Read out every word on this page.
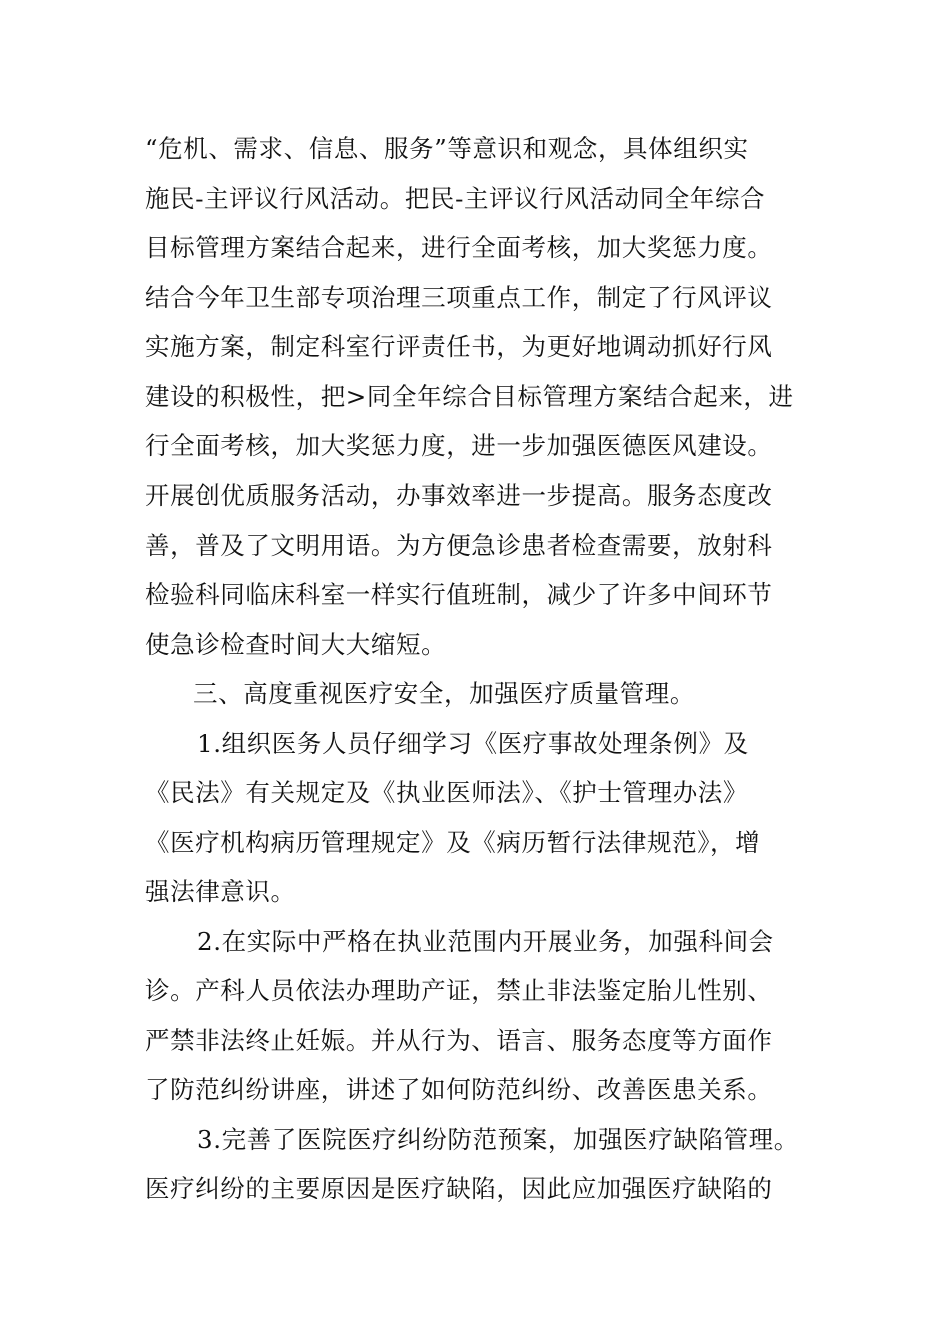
“危机、需求、信息、服务”等意识和观念，具体组织实
施民-主评议行风活动。把民-主评议行风活动同全年综合
目标管理方案结合起来，进行全面考核，加大奖惩力度。
结合今年卫生部专项治理三项重点工作，制定了行风评议
实施方案，制定科室行评责任书，为更好地调动抓好行风
建设的积极性，把>同全年综合目标管理方案结合起来，进
行全面考核，加大奖惩力度，进一步加强医德医风建设。
开展创优质服务活动，办事效率进一步提高。服务态度改
善，普及了文明用语。为方便急诊患者检查需要，放射科
检验科同临床科室一样实行值班制，减少了许多中间环节
使急诊检查时间大大缩短。
三、高度重视医疗安全，加强医疗质量管理。
1.组织医务人员仔细学习《医疗事故处理条例》及
《民法》有关规定及《执业医师法》、《护士管理办法》
《医疗机构病历管理规定》及《病历暂行法律规范》，增
强法律意识。
2.在实际中严格在执业范围内开展业务，加强科间会
诊。产科人员依法办理助产证，禁止非法鉴定胎儿性别、
严禁非法终止妊娠。并从行为、语言、服务态度等方面作
了防范纠纷讲座，讲述了如何防范纠纷、改善医患关系。
3.完善了医院医疗纠纷防范预案，加强医疗缺陷管理。
医疗纠纷的主要原因是医疗缺陷，因此应加强医疗缺陷的
